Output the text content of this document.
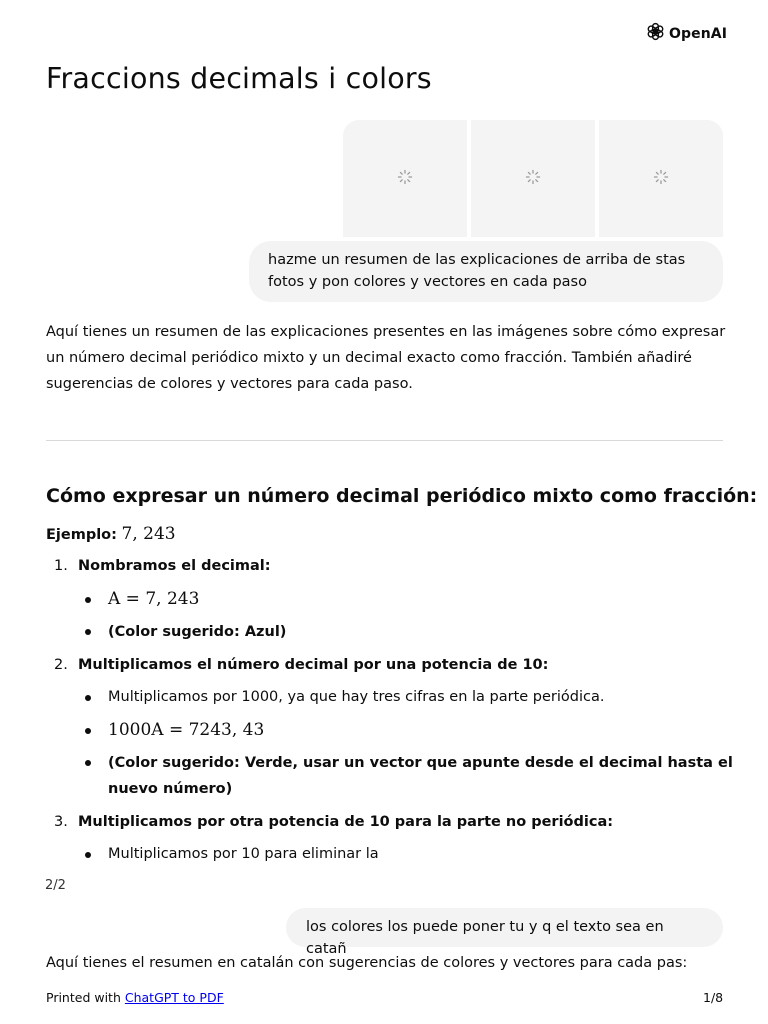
OpenAI
Fraccions decimals i colors
hazme un resumen de las explicaciones de arriba de stas fotos y pon colores y vectores en cada paso

Aquí tienes un resumen de las explicaciones presentes en las imágenes sobre cómo expresar un número decimal periódico mixto y un decimal exacto como fracción. También añadiré sugerencias de colores y vectores para cada paso.

Cómo expresar un número decimal periódico mixto como fracción:
Ejemplo: 7, 243
1. Nombramos el decimal:
A = 7, 243
(Color sugerido: Azul)
2. Multiplicamos el número decimal por una potencia de 10:
Multiplicamos por 1000, ya que hay tres cifras en la parte periódica.
1000A = 7243, 43
(Color sugerido: Verde, usar un vector que apunte desde el decimal hasta el
nuevo número)
3. Multiplicamos por otra potencia de 10 para la parte no periódica:
Multiplicamos por 10 para eliminar la
2/2
los colores los puede poner tu y q el texto sea en catañ
Aquí tienes el resumen en catalán con sugerencias de colores y vectores para cada pas:
Printed with ChatGPT to PDF	1/8
